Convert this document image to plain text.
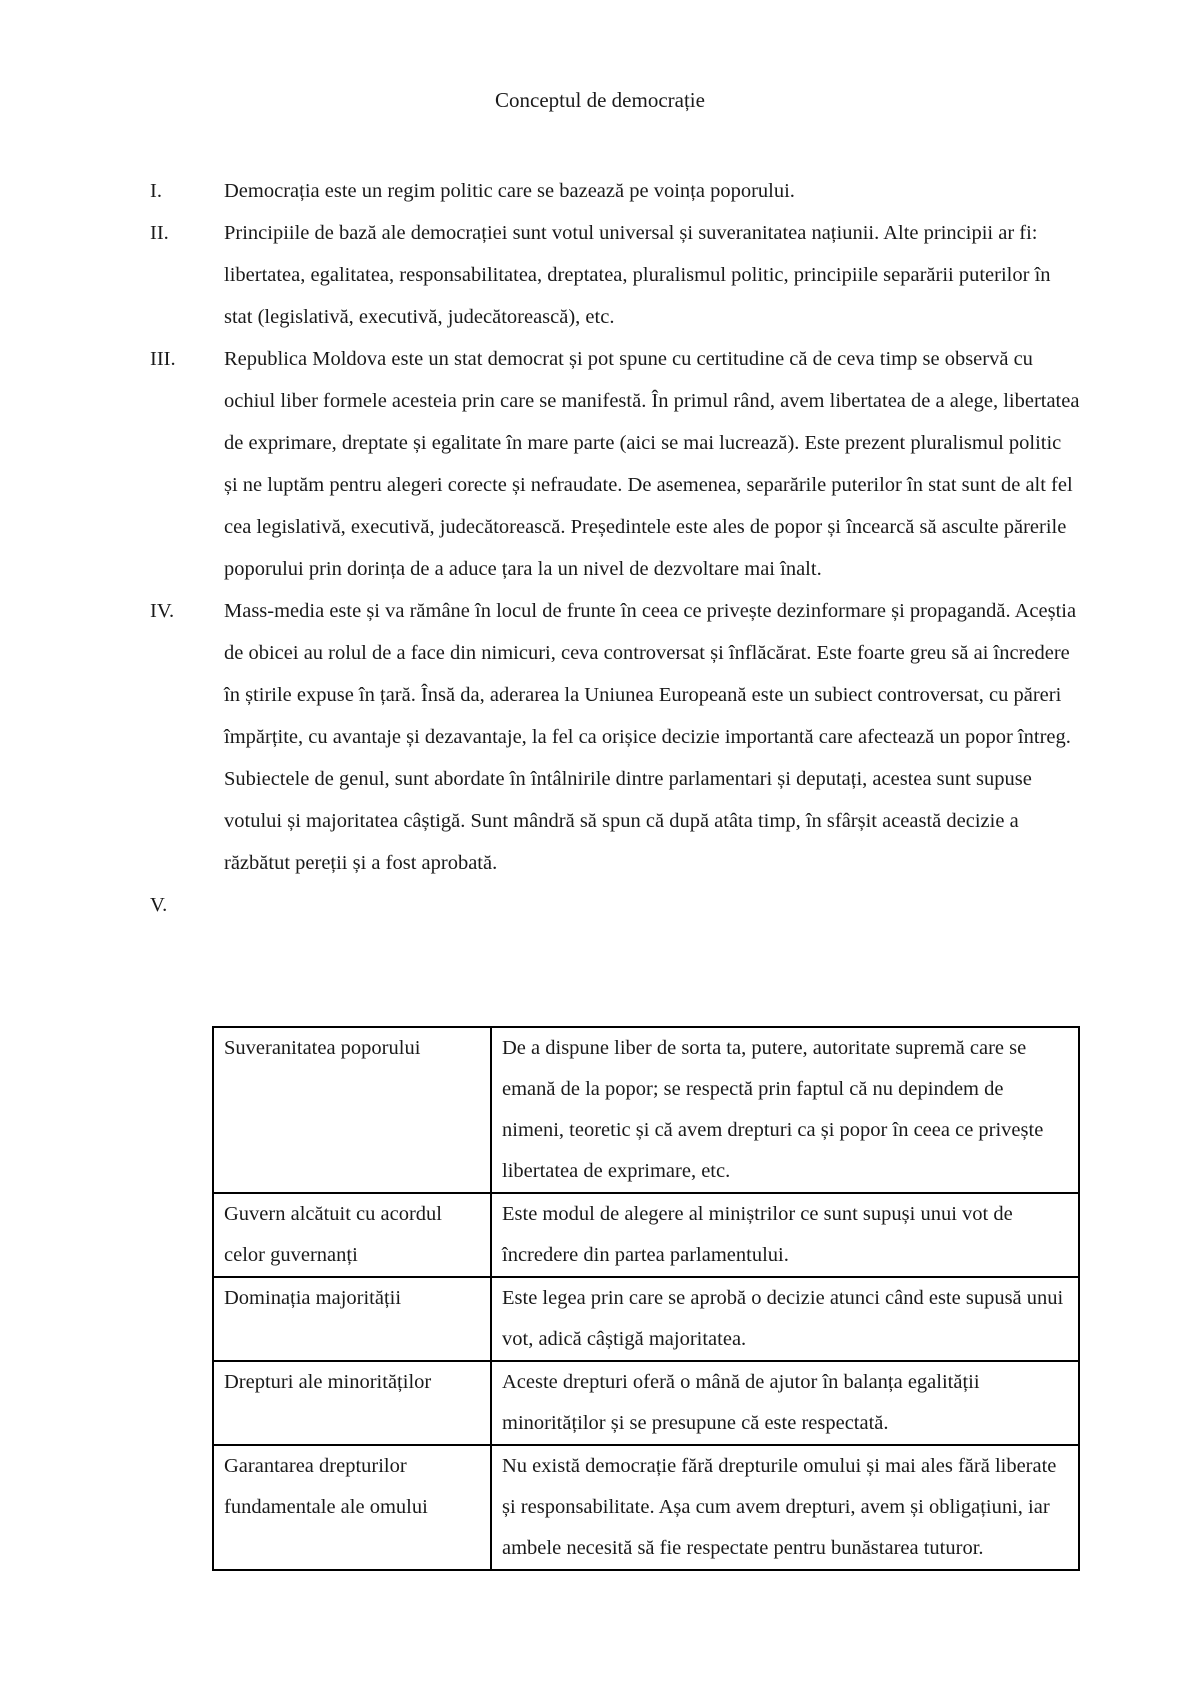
Conceptul de democrație
I.	Democrația este un regim politic care se bazează pe voința poporului.
II.	Principiile de bază ale democrației sunt votul universal și suveranitatea națiunii. Alte principii ar fi: libertatea, egalitatea, responsabilitatea, dreptatea, pluralismul politic, principiile separării puterilor în stat (legislativă, executivă, judecătorească), etc.
III. Republica Moldova este un stat democrat și pot spune cu certitudine că de ceva timp se observă cu ochiul liber formele acesteia prin care se manifestă. În primul rând, avem libertatea de a alege, libertatea de exprimare, dreptate și egalitate în mare parte (aici se mai lucrează). Este prezent pluralismul politic și ne luptăm pentru alegeri corecte și nefraudate. De asemenea, separările puterilor în stat sunt de alt fel cea legislativă, executivă, judecătorească. Președintele este ales de popor și încearcă să asculte părerile poporului prin dorința de a aduce țara la un nivel de dezvoltare mai înalt.
IV. Mass-media este și va rămâne în locul de frunte în ceea ce privește dezinformare și propagandă. Aceștia de obicei au rolul de a face din nimicuri, ceva controversat și înflăcărat. Este foarte greu să ai încredere în știrile expuse în țară. Însă da, aderarea la Uniunea Europeană este un subiect controversat, cu păreri împărțite, cu avantaje și dezavantaje, la fel ca orișice decizie importantă care afectează un popor întreg. Subiectele de genul, sunt abordate în întâlnirile dintre parlamentari și deputați, acestea sunt supuse votului și majoritatea câștigă. Sunt mândră să spun că după atâta timp, în sfârșit această decizie a răzbătut pereții și a fost aprobată.
V.
Suveranitatea poporului	De a dispune liber de sorta ta, putere, autoritate supremă care se emană de la popor; se respectă prin faptul că nu depindem de nimeni, teoretic și că avem drepturi ca și popor în ceea ce privește libertatea de exprimare, etc.
Guvern alcătuit cu acordul celor guvernanți	Este modul de alegere al miniștrilor ce sunt supuși unui vot de încredere din partea parlamentului.
Dominația majorității	Este legea prin care se aprobă o decizie atunci când este supusă unui vot, adică câștigă majoritatea.
Drepturi ale minorităților	Aceste drepturi oferă o mână de ajutor în balanța egalității minorităților și se presupune că este respectată.
Garantarea drepturilor fundamentale ale omului	Nu există democrație fără drepturile omului și mai ales fără liberate și responsabilitate. Așa cum avem drepturi, avem și obligațiuni, iar ambele necesită să fie respectate pentru bunăstarea tuturor.
